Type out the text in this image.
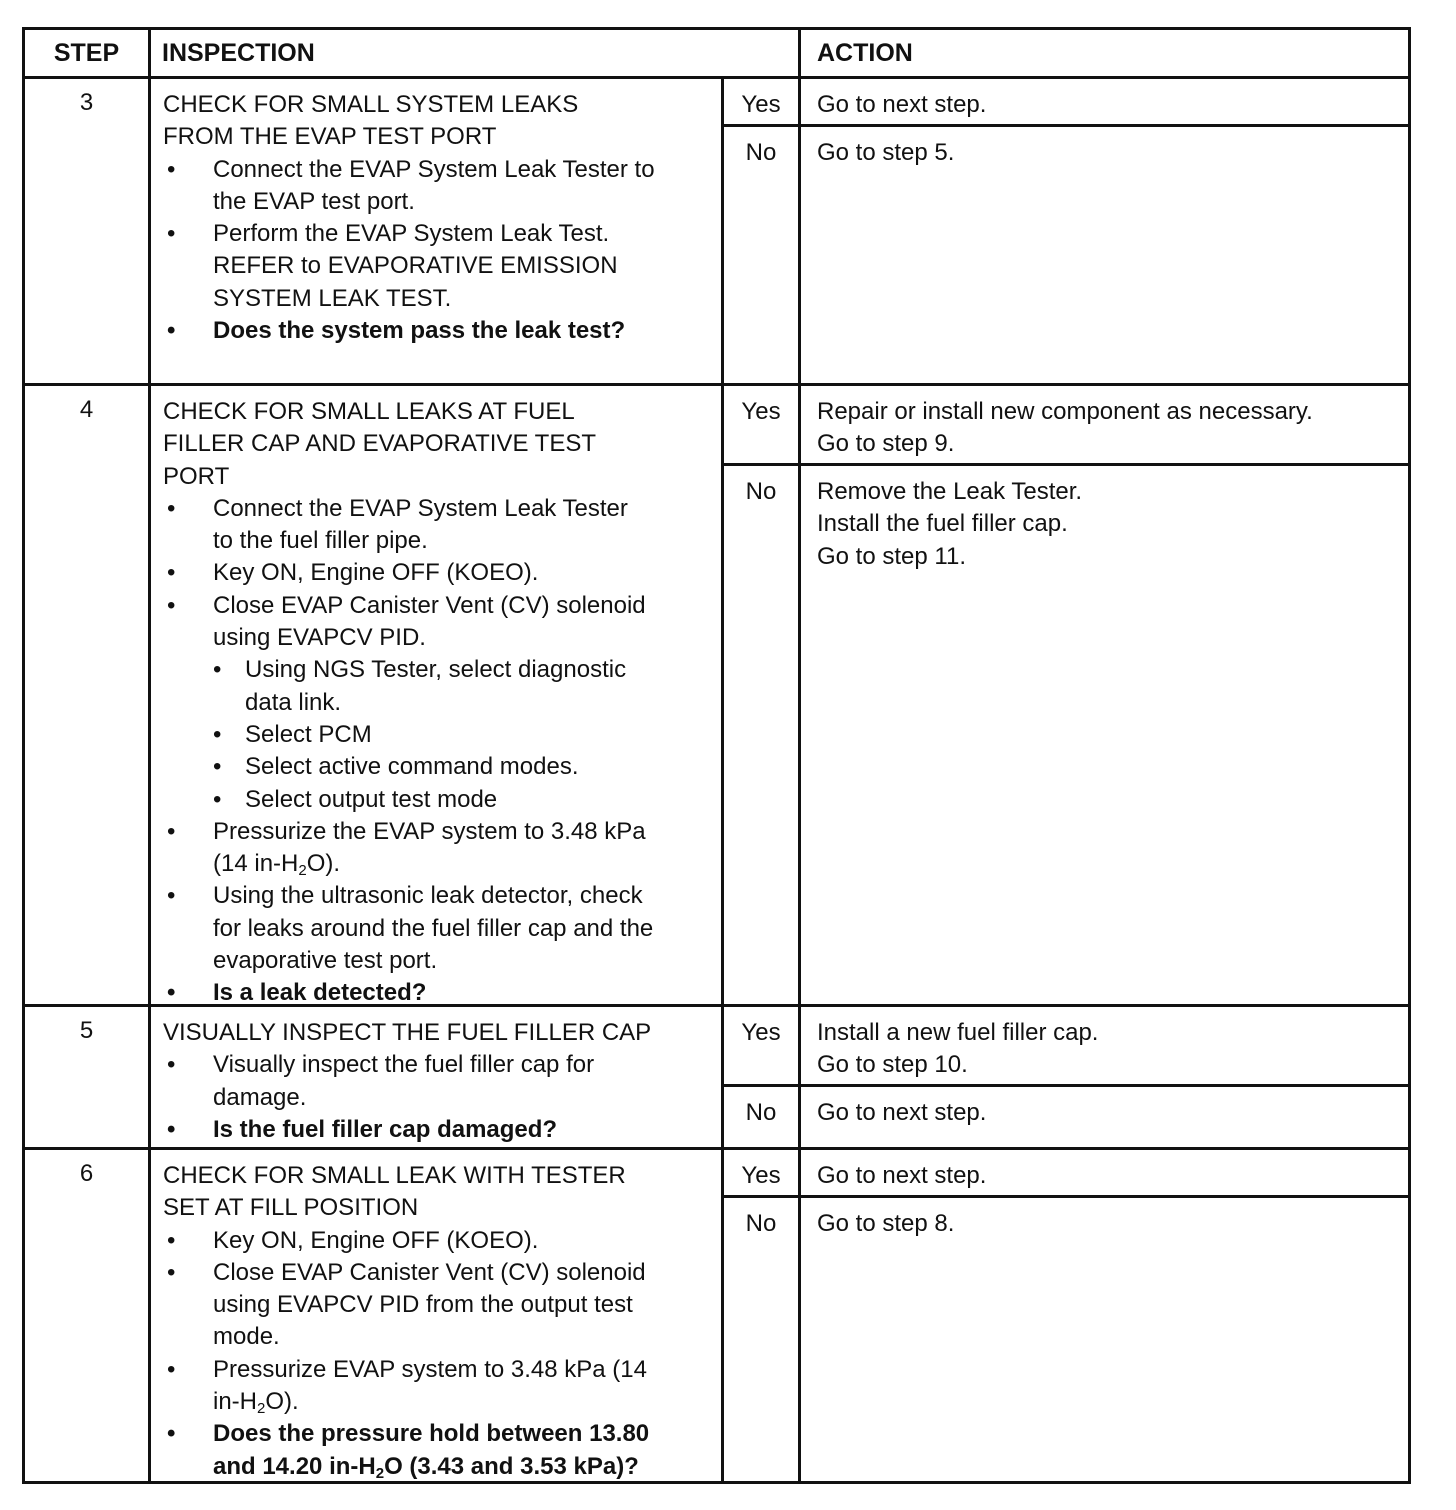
STEP	INSPECTION	ACTION
3	CHECK FOR SMALL SYSTEM LEAKS
FROM THE EVAP TEST PORT
• Connect the EVAP System Leak Tester to
the EVAP test port.
• Perform the EVAP System Leak Test.
REFER to EVAPORATIVE EMISSION
SYSTEM LEAK TEST.
• Does the system pass the leak test?
Yes	Go to next step.
No	Go to step 5.
4	CHECK FOR SMALL LEAKS AT FUEL
FILLER CAP AND EVAPORATIVE TEST
PORT
• Connect the EVAP System Leak Tester
to the fuel filler pipe.
• Key ON, Engine OFF (KOEO).
• Close EVAP Canister Vent (CV) solenoid
using EVAPCV PID.
• Using NGS Tester, select diagnostic
data link.
• Select PCM
• Select active command modes.
• Select output test mode
• Pressurize the EVAP system to 3.48 kPa
(14 $in-H_2O$).
• Using the ultrasonic leak detector, check
for leaks around the fuel filler cap and the
evaporative test port.
• Is a leak detected?
Yes	Repair or install new component as necessary.
Go to step 9.
No	Remove the Leak Tester.
Install the fuel filler cap.
Go to step 11.
5	VISUALLY INSPECT THE FUEL FILLER CAP
• Visually inspect the fuel filler cap for
damage.
• Is the fuel filler cap damaged?
Yes	Install a new fuel filler cap.
Go to step 10.
No	Go to next step.
6	CHECK FOR SMALL LEAK WITH TESTER
SET AT FILL POSITION
• Key ON, Engine OFF (KOEO).
• Close EVAP Canister Vent (CV) solenoid
using EVAPCV PID from the output test
mode.
• Pressurize EVAP system to 3.48 kPa (14
$in-H_2O$).
• Does the pressure hold between 13.80
and 14.20 $in-H_2O$ (3.43 and 3.53 kPa)?
Yes	Go to next step.
No	Go to step 8.
